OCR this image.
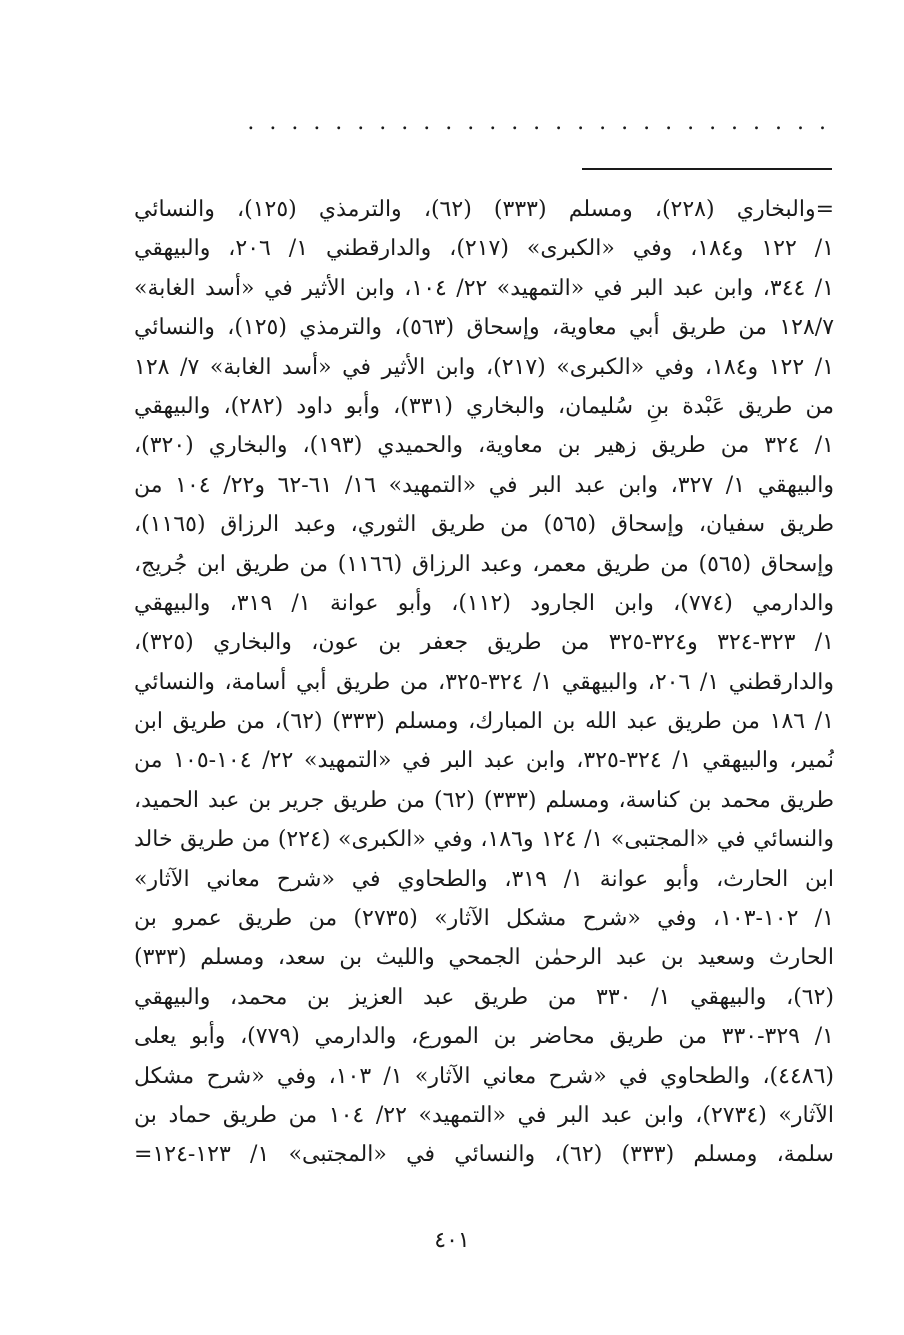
. . . . . . . . . . . . . . . . . . . . . . . . . . .
=والبخاري (٢٢٨)، ومسلم (٣٣٣) (٦٢)، والترمذي (١٢٥)، والنسائي
١/ ١٢٢ و١٨٤، وفي «الكبرى» (٢١٧)، والدارقطني ١/ ٢٠٦، والبيهقي
١/ ٣٤٤، وابن عبد البر في «التمهيد» ٢٢/ ١٠٤، وابن الأثير في «أسد الغابة»
١٢٨/٧ من طريق أبي معاوية، وإسحاق (٥٦٣)، والترمذي (١٢٥)، والنسائي
١/ ١٢٢ و١٨٤، وفي «الكبرى» (٢١٧)، وابن الأثير في «أسد الغابة» ٧/ ١٢٨
من طريق عَبْدة بنِ سُليمان، والبخاري (٣٣١)، وأبو داود (٢٨٢)، والبيهقي
١/ ٣٢٤ من طريق زهير بن معاوية، والحميدي (١٩٣)، والبخاري (٣٢٠)،
والبيهقي ١/ ٣٢٧، وابن عبد البر في «التمهيد» ١٦/ ٦١-٦٢ و٢٢/ ١٠٤ من
طريق سفيان، وإسحاق (٥٦٥) من طريق الثوري، وعبد الرزاق (١١٦٥)،
وإسحاق (٥٦٥) من طريق معمر، وعبد الرزاق (١١٦٦) من طريق ابن جُريج،
والدارمي (٧٧٤)، وابن الجارود (١١٢)، وأبو عوانة ١/ ٣١٩، والبيهقي
١/ ٣٢٣-٣٢٤ و٣٢٤-٣٢٥ من طريق جعفر بن عون، والبخاري (٣٢٥)،
والدارقطني ١/ ٢٠٦، والبيهقي ١/ ٣٢٤-٣٢٥، من طريق أبي أسامة، والنسائي
١/ ١٨٦ من طريق عبد الله بن المبارك، ومسلم (٣٣٣) (٦٢)، من طريق ابن
نُمير، والبيهقي ١/ ٣٢٤-٣٢٥، وابن عبد البر في «التمهيد» ٢٢/ ١٠٤-١٠٥ من
طريق محمد بن كناسة، ومسلم (٣٣٣) (٦٢) من طريق جرير بن عبد الحميد،
والنسائي في «المجتبى» ١/ ١٢٤ و١٨٦، وفي «الكبرى» (٢٢٤) من طريق خالد
ابن الحارث، وأبو عوانة ١/ ٣١٩، والطحاوي في «شرح معاني الآثار»
١/ ١٠٢-١٠٣، وفي «شرح مشكل الآثار» (٢٧٣٥) من طريق عمرو بن
الحارث وسعيد بن عبد الرحمٰن الجمحي والليث بن سعد، ومسلم (٣٣٣)
(٦٢)، والبيهقي ١/ ٣٣٠ من طريق عبد العزيز بن محمد، والبيهقي
١/ ٣٢٩-٣٣٠ من طريق محاضر بن المورع، والدارمي (٧٧٩)، وأبو يعلى
(٤٤٨٦)، والطحاوي في «شرح معاني الآثار» ١/ ١٠٣، وفي «شرح مشكل
الآثار» (٢٧٣٤)، وابن عبد البر في «التمهيد» ٢٢/ ١٠٤ من طريق حماد بن
سلمة، ومسلم (٣٣٣) (٦٢)، والنسائي في «المجتبى» ١/ ١٢٣-١٢٤=
٤٠١
